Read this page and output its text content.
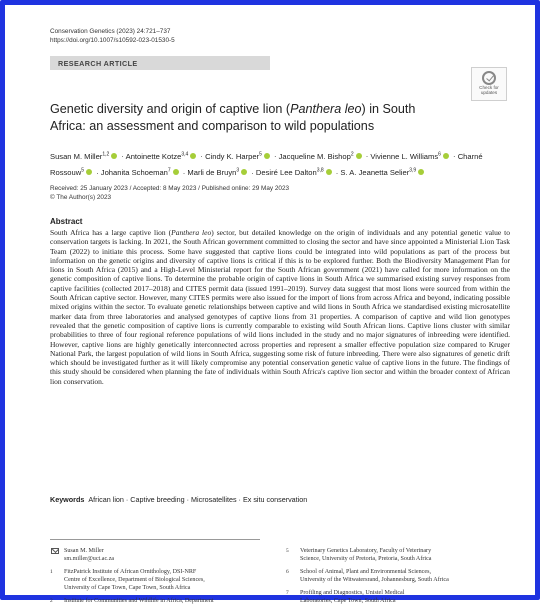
Conservation Genetics (2023) 24:721–737
https://doi.org/10.1007/s10592-023-01530-5
RESEARCH ARTICLE
Check for
updates
Genetic diversity and origin of captive lion (Panthera leo) in South Africa: an assessment and comparison to wild populations
Susan M. Miller$^{1,2}$ · Antoinette Kotze$^{3,4}$ · Cindy K. Harper$^5$ · Jacqueline M. Bishop$^2$ · Vivienne L. Williams$^6$ · Charné Rossouw$^5$ · Johanita Schoeman$^7$ · Marli de Bruyn$^3$ · Desiré Lee Dalton$^{3,8}$ · S. A. Jeanetta Selier$^{3,9}$
Received: 25 January 2023 / Accepted: 8 May 2023 / Published online: 29 May 2023
© The Author(s) 2023
Abstract
South Africa has a large captive lion (Panthera leo) sector, but detailed knowledge on the origin of individuals and any potential genetic value to conservation targets is lacking. In 2021, the South African government committed to closing the sector and have since appointed a Ministerial Lion Task Team (2022) to initiate this process. Some have suggested that captive lions could be integrated into wild populations as part of the process but information on the genetic origins and diversity of captive lions is critical if this is to be explored further. Both the Biodiversity Management Plan for lions in South Africa (2015) and a High-Level Ministerial report for the South African government (2021) have called for more information on the genetic composition of captive lions. To determine the probable origin of captive lions in South Africa we summarised existing survey responses from captive facilities (collected 2017–2018) and CITES permit data (issued 1991–2019). Survey data suggest that most lions were sourced from within the South African captive sector. However, many CITES permits were also issued for the import of lions from across Africa and beyond, indicating possible mixed origins within the sector. To evaluate genetic relationships between captive and wild lions in South Africa we standardised existing microsatellite marker data from three laboratories and analysed genotypes of captive lions from 31 properties. A comparison of captive and wild lion genotypes revealed that the genetic composition of captive lions is currently comparable to existing wild South African lions. Captive lions cluster with similar probabilities to three of four regional reference populations of wild lions included in the study and no major signatures of inbreeding were identified. However, captive lions are highly genetically interconnected across properties and represent a smaller effective population size compared to Kruger National Park, the largest population of wild lions in South Africa, suggesting some risk of future inbreeding. There were also signatures of genetic drift which should be investigated further as it will likely compromise any potential conservation genetic value of captive lions in the future. The findings of this study should be considered when planning the fate of individuals within South Africa's captive lion sector and within the broader context of African lion conservation.
Keywords African lion · Captive breeding · Microsatellites · Ex situ conservation
Susan M. Miller
sm.miller@uct.ac.za
1 FitzPatrick Institute of African Ornithology, DSI-NRF
Centre of Excellence, Department of Biological Sciences,
University of Cape Town, Cape Town, South Africa
2 Institute for Communities and Wildlife in Africa, Department
5 Veterinary Genetics Laboratory, Faculty of Veterinary
Science, University of Pretoria, Pretoria, South Africa
6 School of Animal, Plant and Environmental Sciences,
University of the Witwatersrand, Johannesburg, South Africa
7 Profiling and Diagnostics, Unistel Medical
Laboratories, Cape Town, South Africa
